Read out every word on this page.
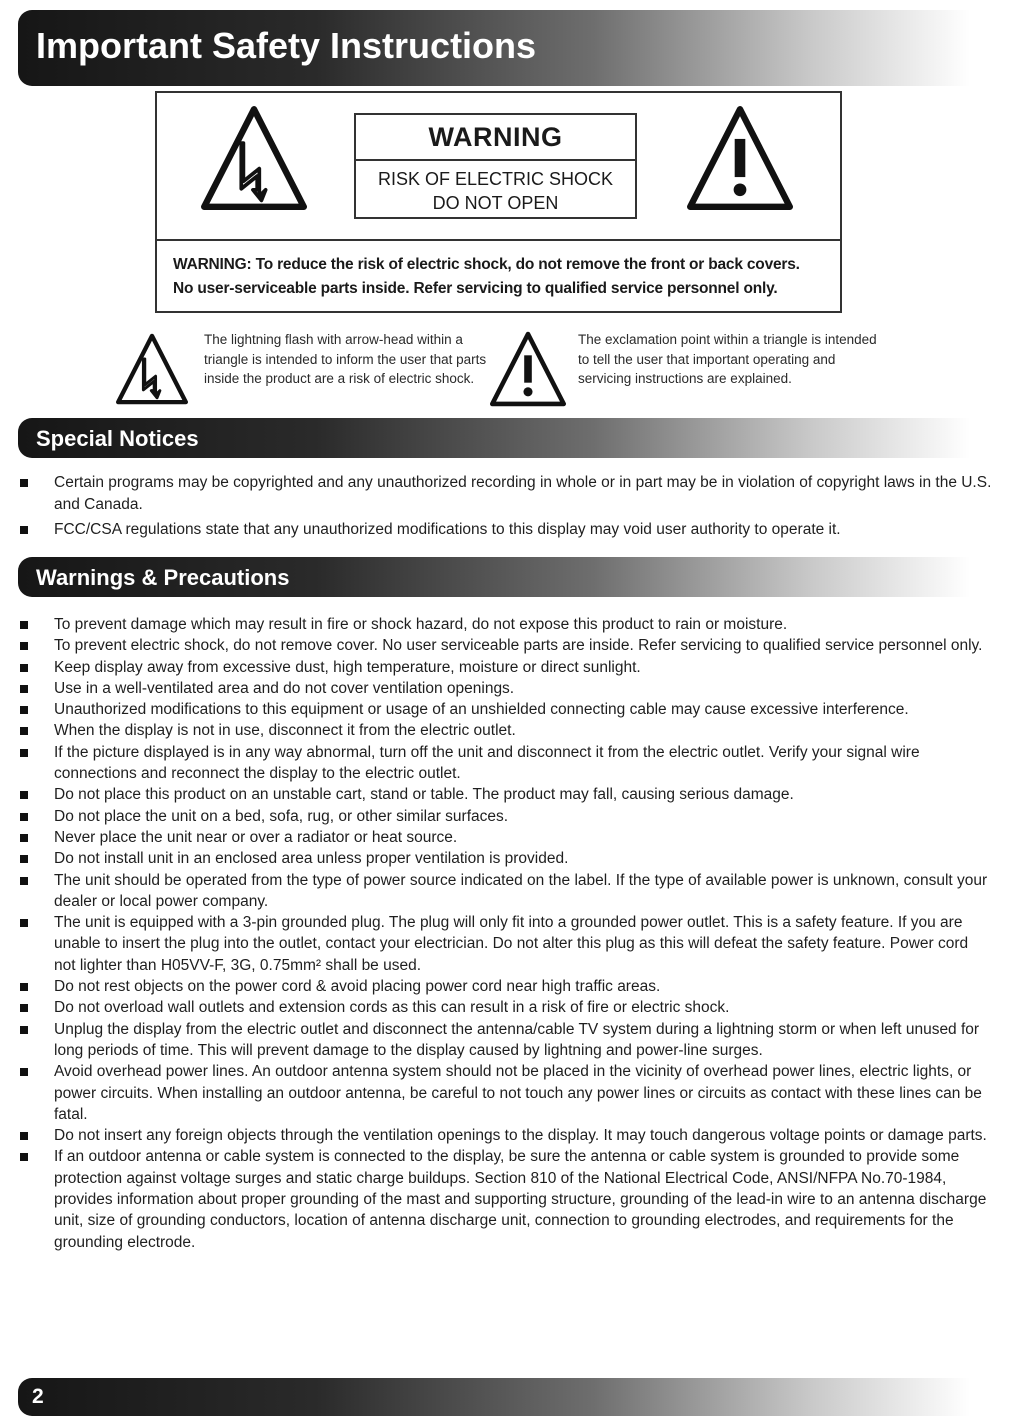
Important Safety Instructions
WARNING
RISK OF ELECTRIC SHOCK
DO NOT OPEN
WARNING: To reduce the risk of electric shock, do not remove the front or back covers.
No user-serviceable parts inside. Refer servicing to qualified service personnel only.
The lightning flash with arrow-head within a triangle is intended to inform the user that parts inside the product are a risk of electric shock.
The exclamation point within a triangle is intended to tell the user that important operating and servicing instructions are explained.
Special Notices
Certain programs may be copyrighted and any unauthorized recording in whole or in part may be in violation of copyright laws in the U.S. and Canada.
FCC/CSA regulations state that any unauthorized modifications to this display may void user authority to operate it.
Warnings & Precautions
To prevent damage which may result in fire or shock hazard, do not expose this product to rain or moisture.
To prevent electric shock, do not remove cover. No user serviceable parts are inside. Refer servicing to qualified service personnel only.
Keep display away from excessive dust, high temperature, moisture or direct sunlight.
Use in a well-ventilated area and do not cover ventilation openings.
Unauthorized modifications to this equipment or usage of an unshielded connecting cable may cause excessive interference.
When the display is not in use, disconnect it from the electric outlet.
If the picture displayed is in any way abnormal, turn off the unit and disconnect it from the electric outlet. Verify your signal wire connections and reconnect the display to the electric outlet.
Do not place this product on an unstable cart, stand or table. The product may fall, causing serious damage.
Do not place the unit on a bed, sofa, rug, or other similar surfaces.
Never place the unit near or over a radiator or heat source.
Do not install unit in an enclosed area unless proper ventilation is provided.
The unit should be operated from the type of power source indicated on the label. If the type of available power is unknown, consult your dealer or local power company.
The unit is equipped with a 3-pin grounded plug. The plug will only fit into a grounded power outlet. This is a safety feature. If you are unable to insert the plug into the outlet, contact your electrician. Do not alter this plug as this will defeat the safety feature. Power cord not lighter than H05VV-F, 3G, 0.75mm² shall be used.
Do not rest objects on the power cord & avoid placing power cord near high traffic areas.
Do not overload wall outlets and extension cords as this can result in a risk of fire or electric shock.
Unplug the display from the electric outlet and disconnect the antenna/cable TV system during a lightning storm or when left unused for long periods of time. This will prevent damage to the display caused by lightning and power-line surges.
Avoid overhead power lines. An outdoor antenna system should not be placed in the vicinity of overhead power lines, electric lights, or power circuits. When installing an outdoor antenna, be careful to not touch any power lines or circuits as contact with these lines can be fatal.
Do not insert any foreign objects through the ventilation openings to the display. It may touch dangerous voltage points or damage parts.
If an outdoor antenna or cable system is connected to the display, be sure the antenna or cable system is grounded to provide some protection against voltage surges and static charge buildups. Section 810 of the National Electrical Code, ANSI/NFPA No.70-1984, provides information about proper grounding of the mast and supporting structure, grounding of the lead-in wire to an antenna discharge unit, size of grounding conductors, location of antenna discharge unit, connection to grounding electrodes, and requirements for the grounding electrode.
2
